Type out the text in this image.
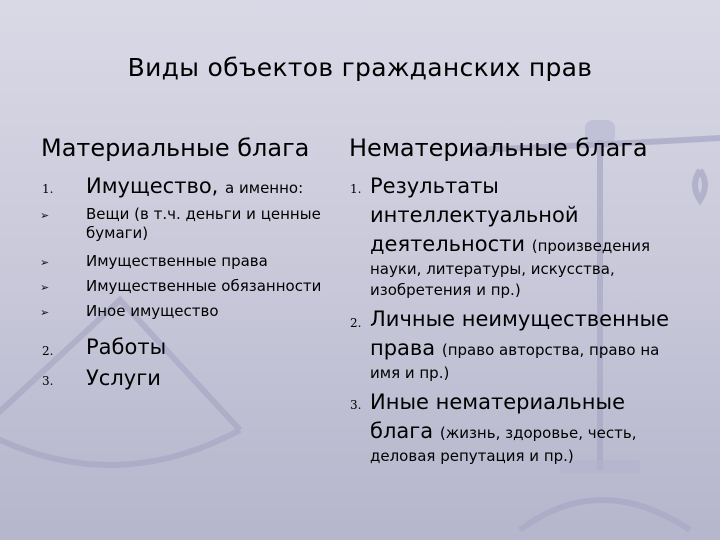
Виды объектов гражданских прав
Материальные блага Нематериальные блага
1. Имущество, а именно:
➢ Вещи (в т.ч. деньги и ценные
бумаги)
➢ Имущественные права
➢ Имущественные обязанности
➢ Иное имущество
2. Работы
3. Услуги
1. Результаты
интеллектуальной
деятельности (произведения
науки, литературы, искусства,
изобретения и пр.)
2. Личные неимущественные
права (право авторства, право на
имя и пр.)
3. Иные нематериальные
блага (жизнь, здоровье, честь,
деловая репутация и пр.)
